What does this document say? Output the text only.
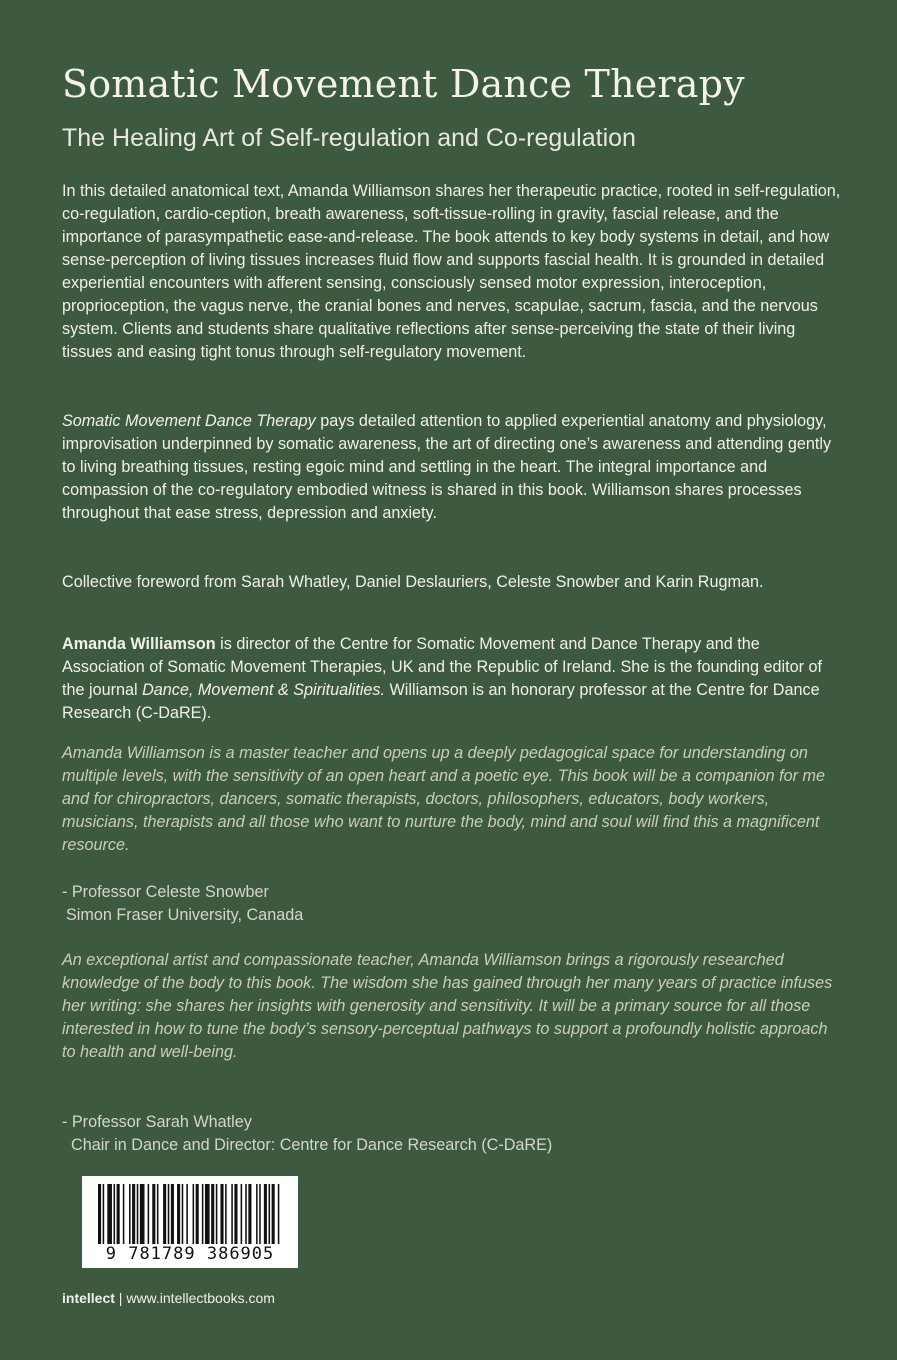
Somatic Movement Dance Therapy
The Healing Art of Self-regulation and Co-regulation

In this detailed anatomical text, Amanda Williamson shares her therapeutic practice, rooted in self-regulation, co-regulation, cardio-ception, breath awareness, soft-tissue-rolling in gravity, fascial release, and the importance of parasympathetic ease-and-release. The book attends to key body systems in detail, and how sense-perception of living tissues increases fluid flow and supports fascial health. It is grounded in detailed experiential encounters with afferent sensing, consciously sensed motor expression, interoception, proprioception, the vagus nerve, the cranial bones and nerves, scapulae, sacrum, fascia, and the nervous system. Clients and students share qualitative reflections after sense-perceiving the state of their living tissues and easing tight tonus through self-regulatory movement.

Somatic Movement Dance Therapy pays detailed attention to applied experiential anatomy and physiology, improvisation underpinned by somatic awareness, the art of directing one’s awareness and attending gently to living breathing tissues, resting egoic mind and settling in the heart. The integral importance and compassion of the co-regulatory embodied witness is shared in this book. Williamson shares processes throughout that ease stress, depression and anxiety.

Collective foreword from Sarah Whatley, Daniel Deslauriers, Celeste Snowber and Karin Rugman.

Amanda Williamson is director of the Centre for Somatic Movement and Dance Therapy and the Association of Somatic Movement Therapies, UK and the Republic of Ireland. She is the founding editor of the journal Dance, Movement & Spiritualities. Williamson is an honorary professor at the Centre for Dance Research (C-DaRE).

Amanda Williamson is a master teacher and opens up a deeply pedagogical space for understanding on multiple levels, with the sensitivity of an open heart and a poetic eye. This book will be a companion for me and for chiropractors, dancers, somatic therapists, doctors, philosophers, educators, body workers, musicians, therapists and all those who want to nurture the body, mind and soul will find this a magnificent resource.

- Professor Celeste Snowber

Simon Fraser University, Canada

An exceptional artist and compassionate teacher, Amanda Williamson brings a rigorously researched knowledge of the body to this book. The wisdom she has gained through her many years of practice infuses her writing: she shares her insights with generosity and sensitivity. It will be a primary source for all those interested in how to tune the body’s sensory-perceptual pathways to support a profoundly holistic approach to health and well-being.

- Professor Sarah Whatley

Chair in Dance and Director: Centre for Dance Research (C-DaRE)

9 781789 386905
intellect | www.intellectbooks.com
